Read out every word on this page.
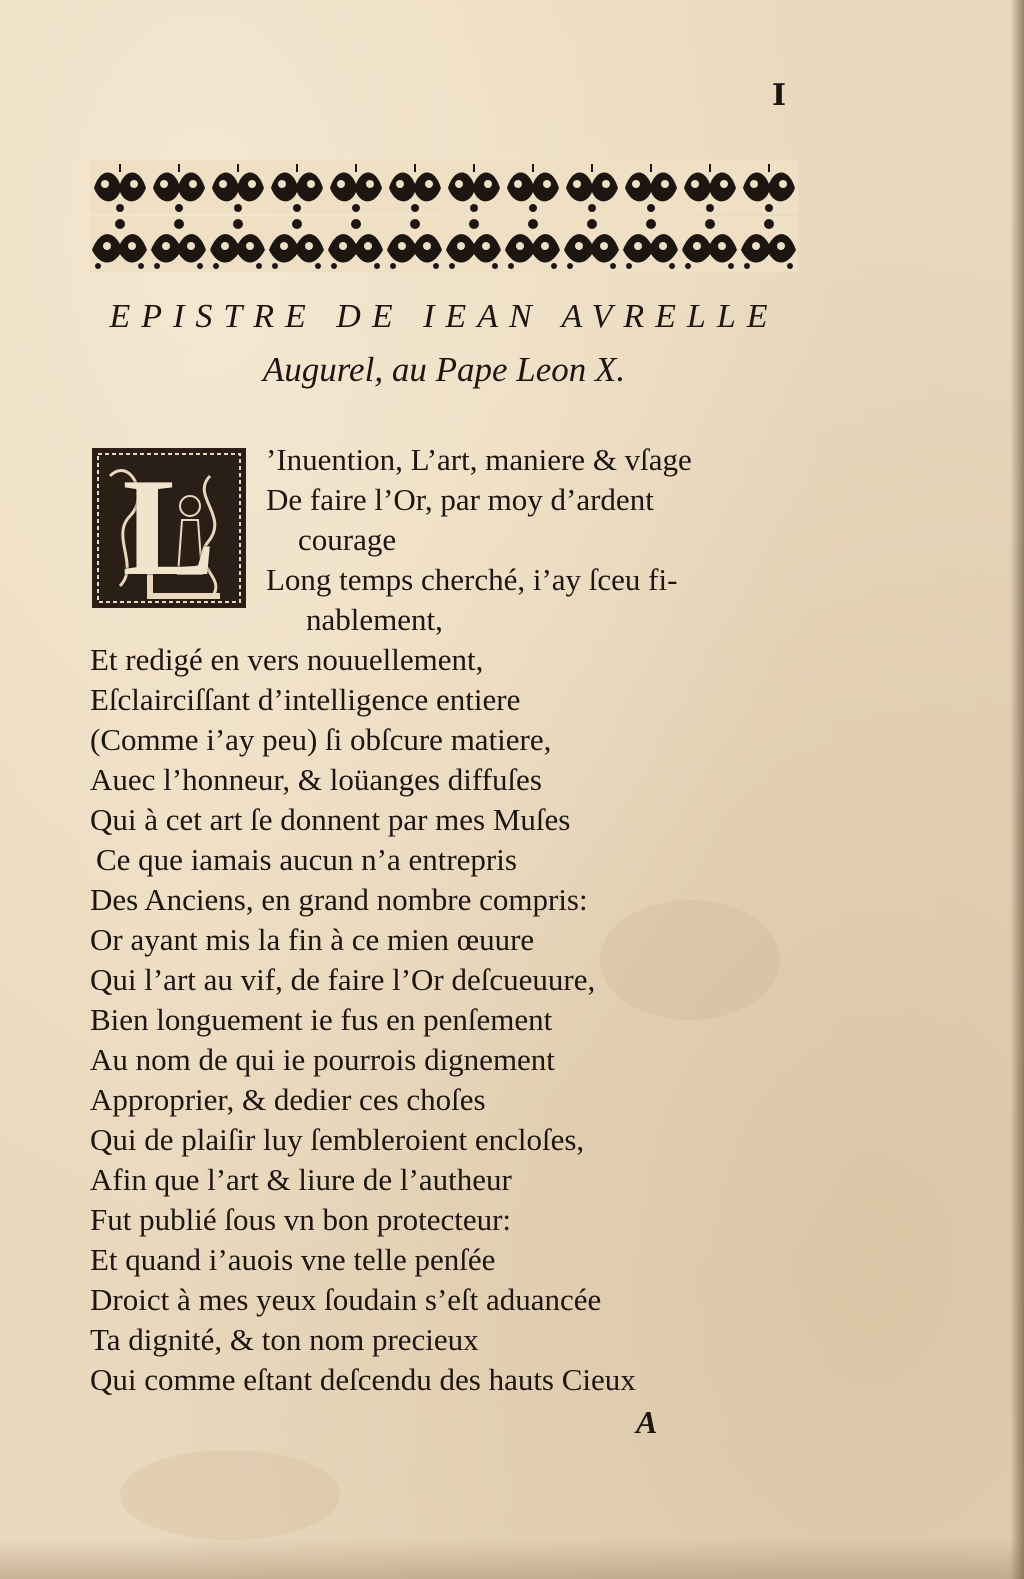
I
EPISTRE DE IEAN AVRELLE
Augurel, au Pape Leon X.
L	’Inuention, L’art, maniere & vſage
De faire l’Or, par moy d’ardent
courage
Long temps cherché, i’ay ſceu fi-
nablement,
Et redigé en vers nouuellement,
Eſclairciſſant d’intelligence entiere
(Comme i’ay peu) ſi obſcure matiere,
Auec l’honneur, & loüanges diffuſes
Qui à cet art ſe donnent par mes Muſes
Ce que iamais aucun n’a entrepris
Des Anciens, en grand nombre compris:
Or ayant mis la fin à ce mien œuure
Qui l’art au vif, de faire l’Or deſcueuure,
Bien longuement ie fus en penſement
Au nom de qui ie pourrois dignement
Approprier, & dedier ces choſes
Qui de plaiſir luy ſembleroient encloſes,
Afin que l’art & liure de l’autheur
Fut publié ſous vn bon protecteur:
Et quand i’auois vne telle penſée
Droict à mes yeux ſoudain s’eſt aduancée
Ta dignité, & ton nom precieux
Qui comme eſtant deſcendu des hauts Cieux
A
